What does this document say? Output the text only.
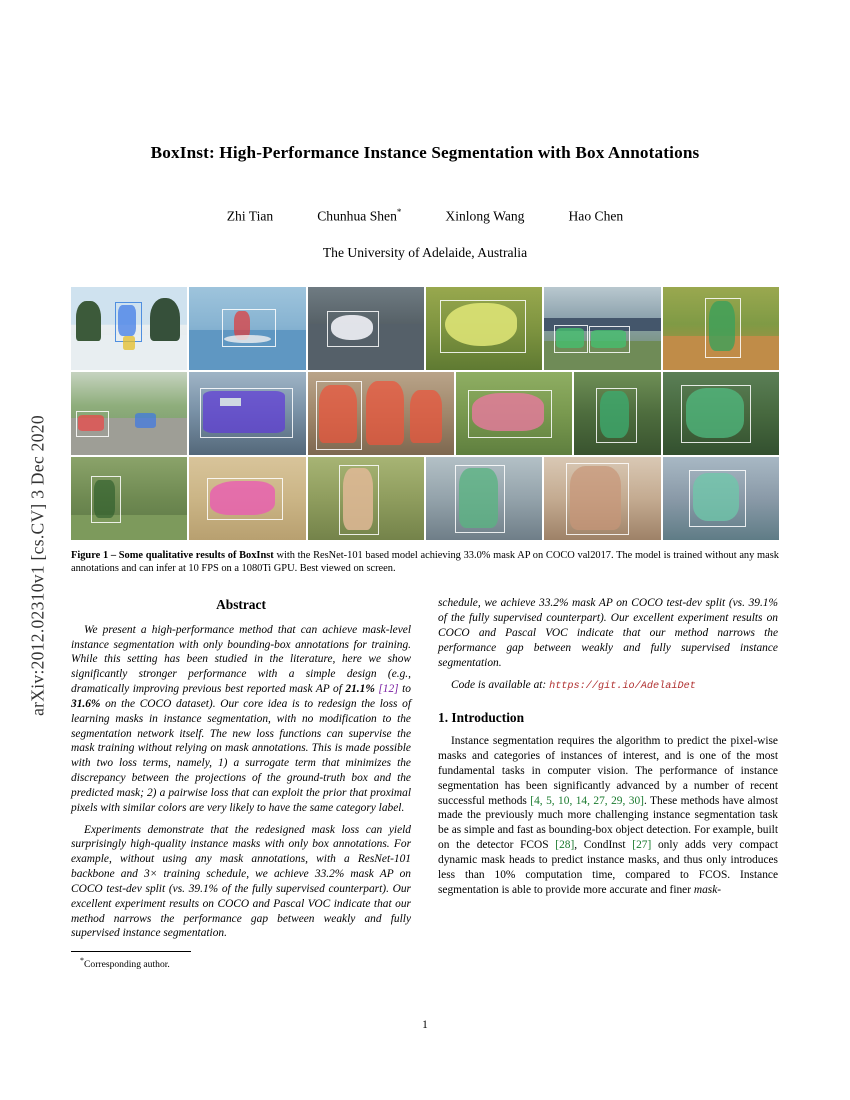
arXiv:2012.02310v1 [cs.CV] 3 Dec 2020
BoxInst: High-Performance Instance Segmentation with Box Annotations
Zhi Tian	Chunhua Shen*	Xinlong Wang	Hao Chen
The University of Adelaide, Australia
Figure 1 – Some qualitative results of BoxInst with the ResNet-101 based model achieving 33.0% mask AP on COCO val2017. The model is trained without any mask annotations and can infer at 10 FPS on a 1080Ti GPU. Best viewed on screen.
Abstract

We present a high-performance method that can achieve mask-level instance segmentation with only bounding-box annotations for training. While this setting has been studied in the literature, here we show significantly stronger performance with a simple design (e.g., dramatically improving previous best reported mask AP of 21.1% [12] to 31.6% on the COCO dataset). Our core idea is to redesign the loss of learning masks in instance segmentation, with no modification to the segmentation network itself. The new loss functions can supervise the mask training without relying on mask annotations. This is made possible with two loss terms, namely, 1) a surrogate term that minimizes the discrepancy between the projections of the ground-truth box and the predicted mask; 2) a pairwise loss that can exploit the prior that proximal pixels with similar colors are very likely to have the same category label.

Experiments demonstrate that the redesigned mask loss can yield surprisingly high-quality instance masks with only box annotations. For example, without using any mask annotations, with a ResNet-101 backbone and 3× training schedule, we achieve 33.2% mask AP on COCO test-dev split (vs. 39.1% of the fully supervised counterpart). Our excellent experiment results on COCO and Pascal VOC indicate that our method narrows the performance gap between weakly and fully supervised instance segmentation.

*Corresponding author.

schedule, we achieve 33.2% mask AP on COCO test-dev split (vs. 39.1% of the fully supervised counterpart). Our excellent experiment results on COCO and Pascal VOC indicate that our method narrows the performance gap between weakly and fully supervised instance segmentation.

Code is available at: https://git.io/AdelaiDet

1. Introduction

Instance segmentation requires the algorithm to predict the pixel-wise masks and categories of instances of interest, and is one of the most fundamental tasks in computer vision. The performance of instance segmentation has been significantly advanced by a number of recent successful methods [4, 5, 10, 14, 27, 29, 30]. These methods have almost made the previously much more challenging instance segmentation task be as simple and fast as bounding-box object detection. For example, built on the detector FCOS [28], CondInst [27] only adds very compact dynamic mask heads to predict instance masks, and thus only introduces less than 10% computation time, compared to FCOS. Instance segmentation is able to provide more accurate and finer mask-

1
